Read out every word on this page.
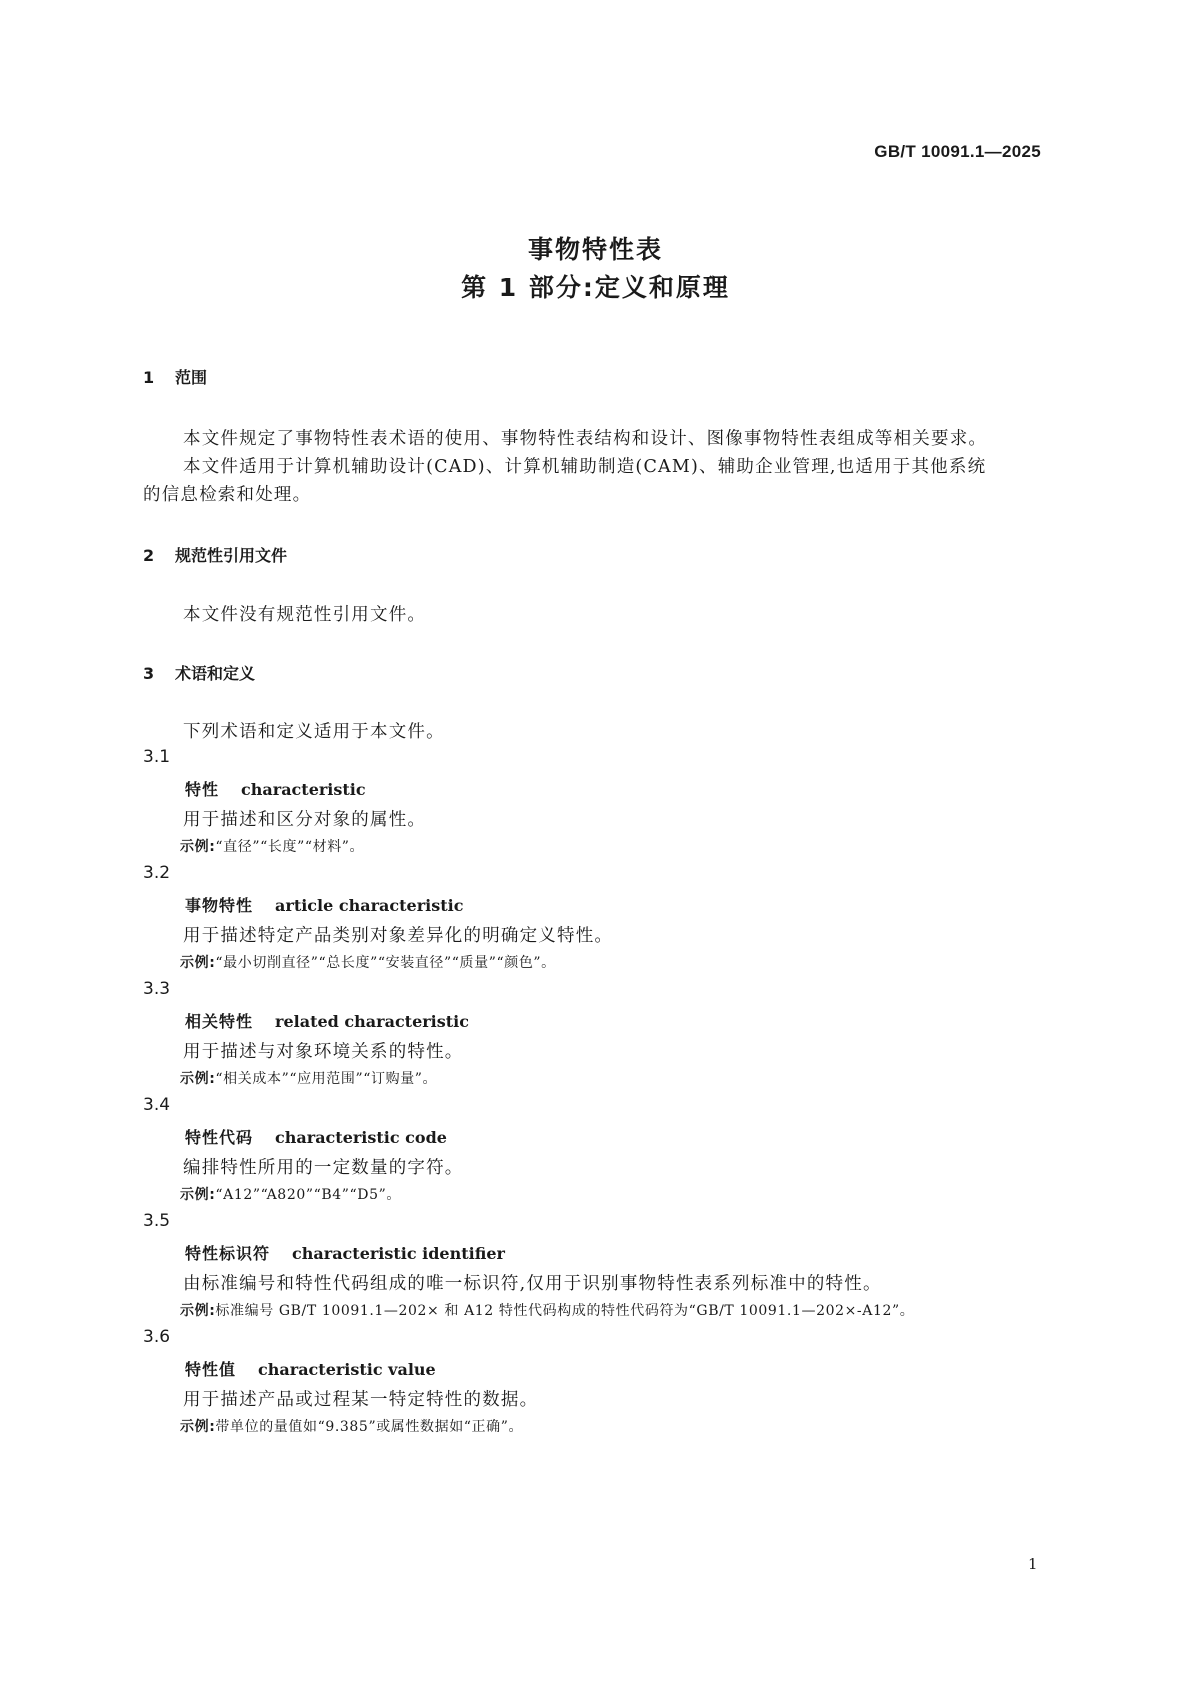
GB/T 10091.1—2025
事物特性表
第 1 部分:定义和原理
1 范围
本文件规定了事物特性表术语的使用、事物特性表结构和设计、图像事物特性表组成等相关要求。
本文件适用于计算机辅助设计(CAD)、计算机辅助制造(CAM)、辅助企业管理,也适用于其他系统
的信息检索和处理。
2 规范性引用文件
本文件没有规范性引用文件。
3 术语和定义
下列术语和定义适用于本文件。
3.1
特性 characteristic
用于描述和区分对象的属性。
示例:“直径”“长度”“材料”。
3.2
事物特性 article characteristic
用于描述特定产品类别对象差异化的明确定义特性。
示例:“最小切削直径”“总长度”“安装直径”“质量”“颜色”。
3.3
相关特性 related characteristic
用于描述与对象环境关系的特性。
示例:“相关成本”“应用范围”“订购量”。
3.4
特性代码 characteristic code
编排特性所用的一定数量的字符。
示例:“A12”“A820”“B4”“D5”。
3.5
特性标识符 characteristic identifier
由标准编号和特性代码组成的唯一标识符,仅用于识别事物特性表系列标准中的特性。
示例:标准编号 GB/T 10091.1—202× 和 A12 特性代码构成的特性代码符为“GB/T 10091.1—202×-A12”。
3.6
特性值 characteristic value
用于描述产品或过程某一特定特性的数据。
示例:带单位的量值如“9.385”或属性数据如“正确”。
1
